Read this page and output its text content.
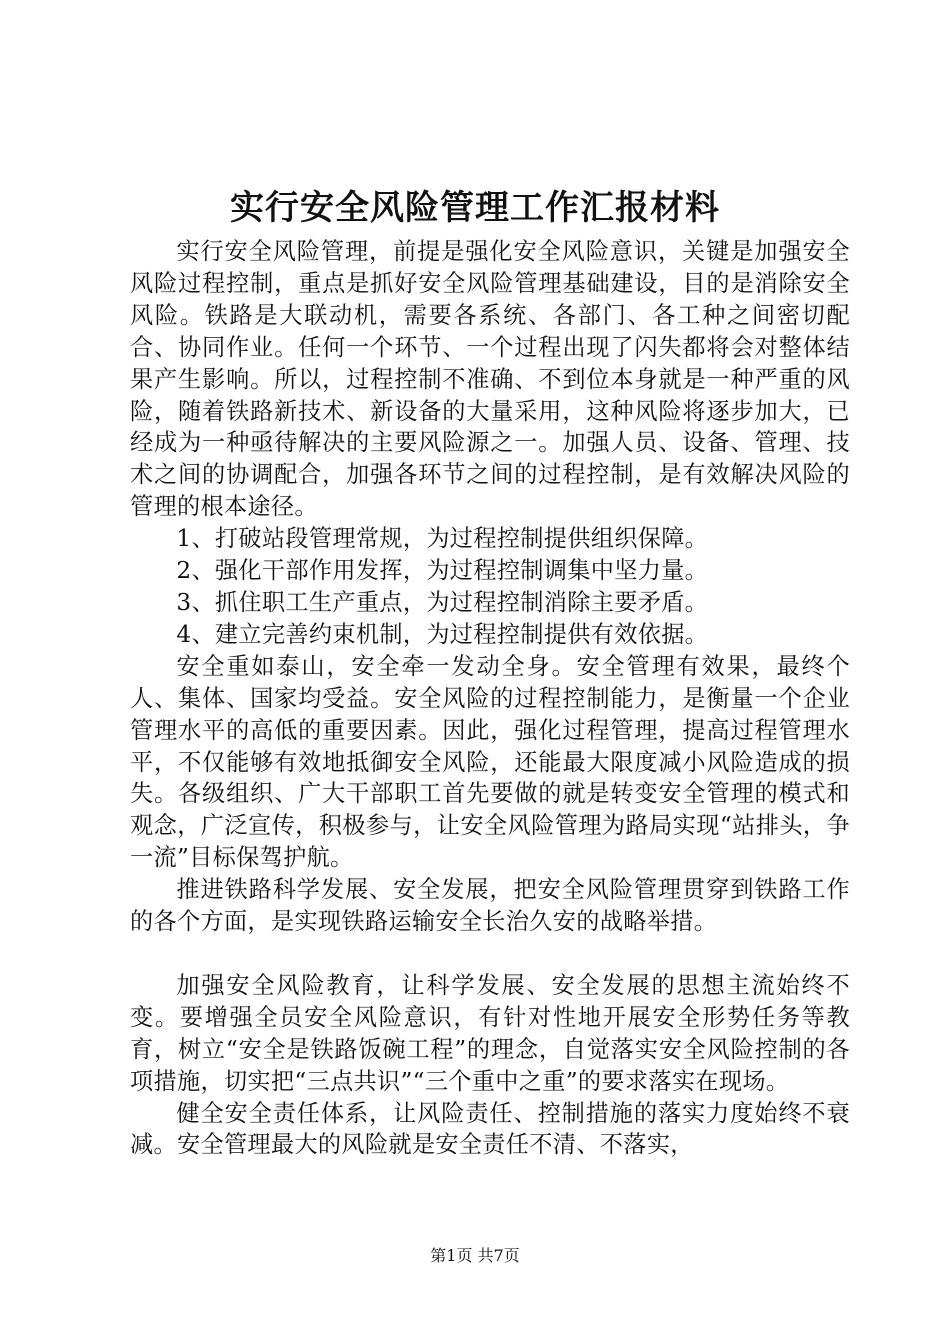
实行安全风险管理工作汇报材料

实行安全风险管理，前提是强化安全风险意识，关键是加强安全风险过程控制，重点是抓好安全风险管理基础建设，目的是消除安全风险。铁路是大联动机，需要各系统、各部门、各工种之间密切配合、协同作业。任何一个环节、一个过程出现了闪失都将会对整体结果产生影响。所以，过程控制不准确、不到位本身就是一种严重的风险，随着铁路新技术、新设备的大量采用，这种风险将逐步加大，已经成为一种亟待解决的主要风险源之一。加强人员、设备、管理、技术之间的协调配合，加强各环节之间的过程控制，是有效解决风险的管理的根本途径。

1、打破站段管理常规，为过程控制提供组织保障。

2、强化干部作用发挥，为过程控制调集中坚力量。

3、抓住职工生产重点，为过程控制消除主要矛盾。

4、建立完善约束机制，为过程控制提供有效依据。

安全重如泰山，安全牵一发动全身。安全管理有效果，最终个人、集体、国家均受益。安全风险的过程控制能力，是衡量一个企业管理水平的高低的重要因素。因此，强化过程管理，提高过程管理水平，不仅能够有效地抵御安全风险，还能最大限度减小风险造成的损失。各级组织、广大干部职工首先要做的就是转变安全管理的模式和观念，广泛宣传，积极参与，让安全风险管理为路局实现“站排头，争一流”目标保驾护航。

推进铁路科学发展、安全发展，把安全风险管理贯穿到铁路工作的各个方面，是实现铁路运输安全长治久安的战略举措。

加强安全风险教育，让科学发展、安全发展的思想主流始终不变。要增强全员安全风险意识，有针对性地开展安全形势任务等教育，树立“安全是铁路饭碗工程”的理念，自觉落实安全风险控制的各项措施，切实把“三点共识”“三个重中之重”的要求落实在现场。

健全安全责任体系，让风险责任、控制措施的落实力度始终不衰减。安全管理最大的风险就是安全责任不清、不落实，

第1页 共7页
